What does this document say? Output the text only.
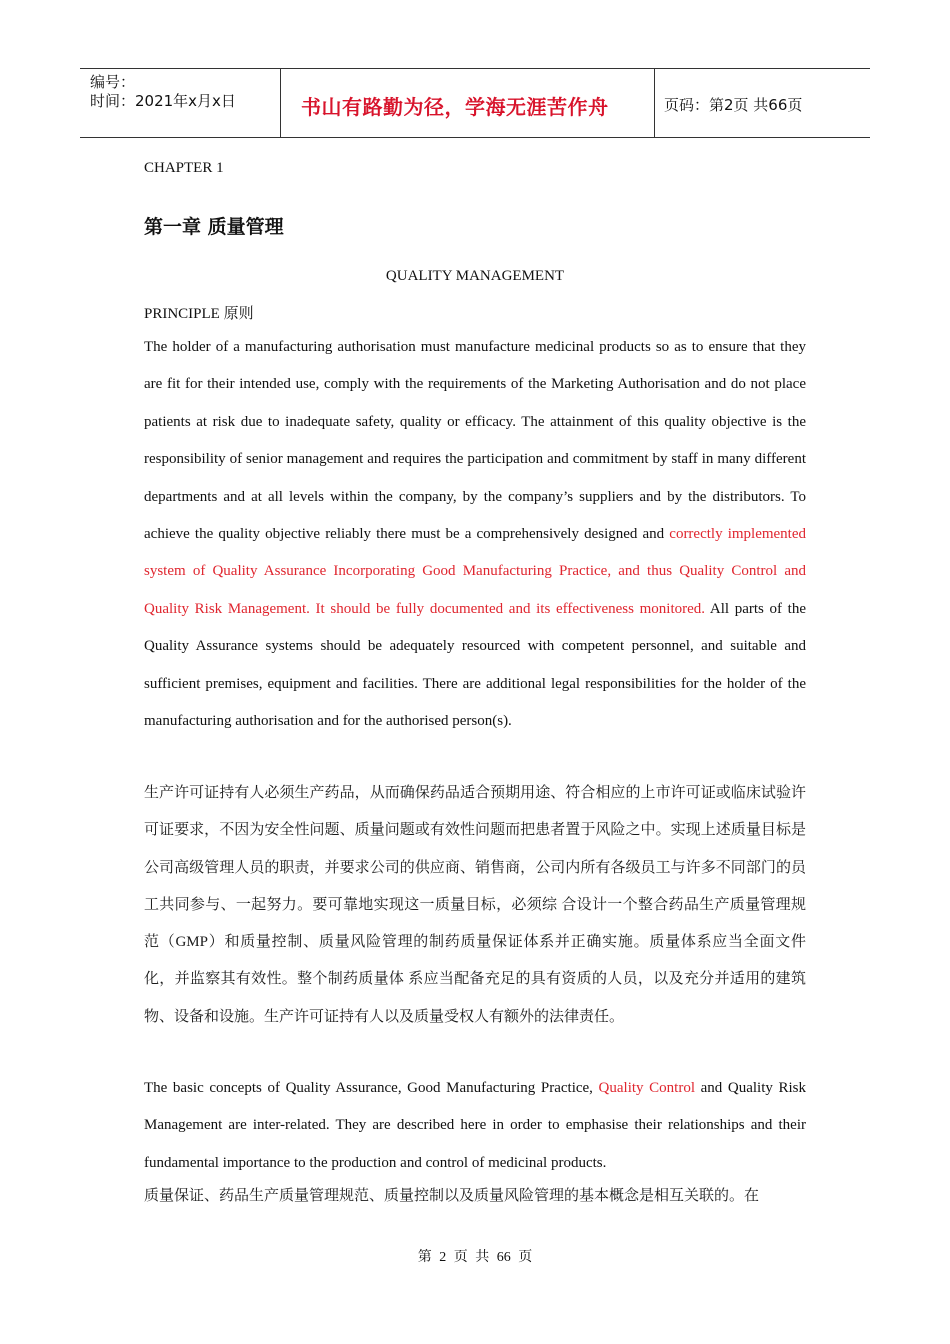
编号：
时间：2021年x月x日	书山有路勤为径，学海无涯苦作舟	页码：第2页 共66页
CHAPTER 1
第一章 质量管理
QUALITY MANAGEMENT
PRINCIPLE 原则
The holder of a manufacturing authorisation must manufacture medicinal products so as to ensure that they are fit for their intended use, comply with the requirements of the Marketing Authorisation and do not place patients at risk due to inadequate safety, quality or efficacy. The attainment of this quality objective is the responsibility of senior management and requires the participation and commitment by staff in many different departments and at all levels within the company, by the company’s suppliers and by the distributors. To achieve the quality objective reliably there must be a comprehensively designed and correctly implemented system of Quality Assurance Incorporating Good Manufacturing Practice, and thus Quality Control and Quality Risk Management. It should be fully documented and its effectiveness monitored. All parts of the Quality Assurance systems should be adequately resourced with competent personnel, and suitable and sufficient premises, equipment and facilities. There are additional legal responsibilities for the holder of the manufacturing authorisation and for the authorised person(s).
生产许可证持有人必须生产药品，从而确保药品适合预期用途、符合相应的上市许可证或临床试验许 可证要求，不因为安全性问题、质量问题或有效性问题而把患者置于风险之中。实现上述质量目标是公司高级管理人员的职责，并要求公司的供应商、销售商，公司内所有各级员工与许多不同部门的员工共同参与、一起努力。要可靠地实现这一质量目标，必须综 合设计一个整合药品生产质量管理规范（GMP）和质量控制、质量风险管理的制药质量保证体系并正确实施。质量体系应当全面文件化，并监察其有效性。整个制药质量体 系应当配备充足的具有资质的人员，以及充分并适用的建筑物、设备和设施。生产许可证持有人以及质量受权人有额外的法律责任。
The basic concepts of Quality Assurance, Good Manufacturing Practice, Quality Control and Quality Risk Management are inter-related. They are described here in order to emphasise their relationships and their fundamental importance to the production and control of medicinal products.
质量保证、药品生产质量管理规范、质量控制以及质量风险管理的基本概念是相互关联的。在
第 2 页 共 66 页
